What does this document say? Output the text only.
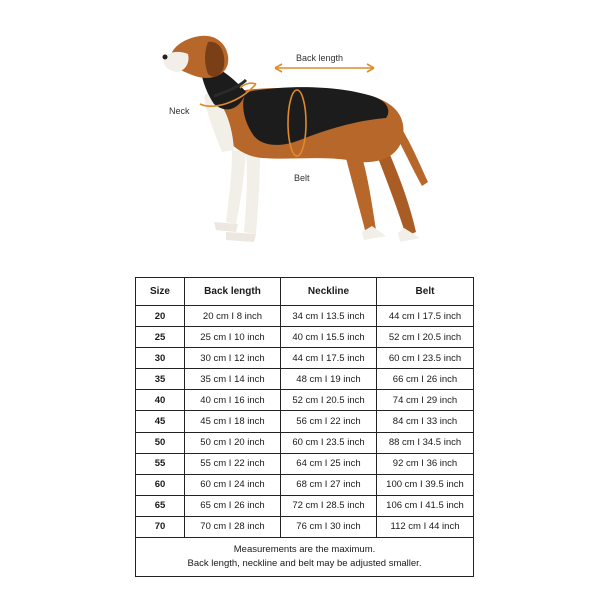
Back length
Neck
Belt
Size	Back length	Neckline	Belt
20	20 cm I 8 inch	34 cm I 13.5 inch	44 cm I 17.5 inch
25	25 cm I 10 inch	40 cm I 15.5 inch	52 cm I 20.5 inch
30	30 cm I 12 inch	44 cm I 17.5 inch	60 cm I 23.5 inch
35	35 cm I 14 inch	48 cm I 19 inch	66 cm I 26 inch
40	40 cm I 16 inch	52 cm I 20.5 inch	74 cm I 29 inch
45	45 cm I 18 inch	56 cm I 22 inch	84 cm I 33 inch
50	50 cm I 20 inch	60 cm I 23.5 inch	88 cm I 34.5 inch
55	55 cm I 22 inch	64 cm I 25 inch	92 cm I 36 inch
60	60 cm I 24 inch	68 cm I 27 inch	100 cm I 39.5 inch
65	65 cm I 26 inch	72 cm I 28.5 inch	106 cm I 41.5 inch
70	70 cm I 28 inch	76 cm I 30 inch	112 cm I 44 inch

Measurements are the maximum.
Back length, neckline and belt may be adjusted smaller.			
